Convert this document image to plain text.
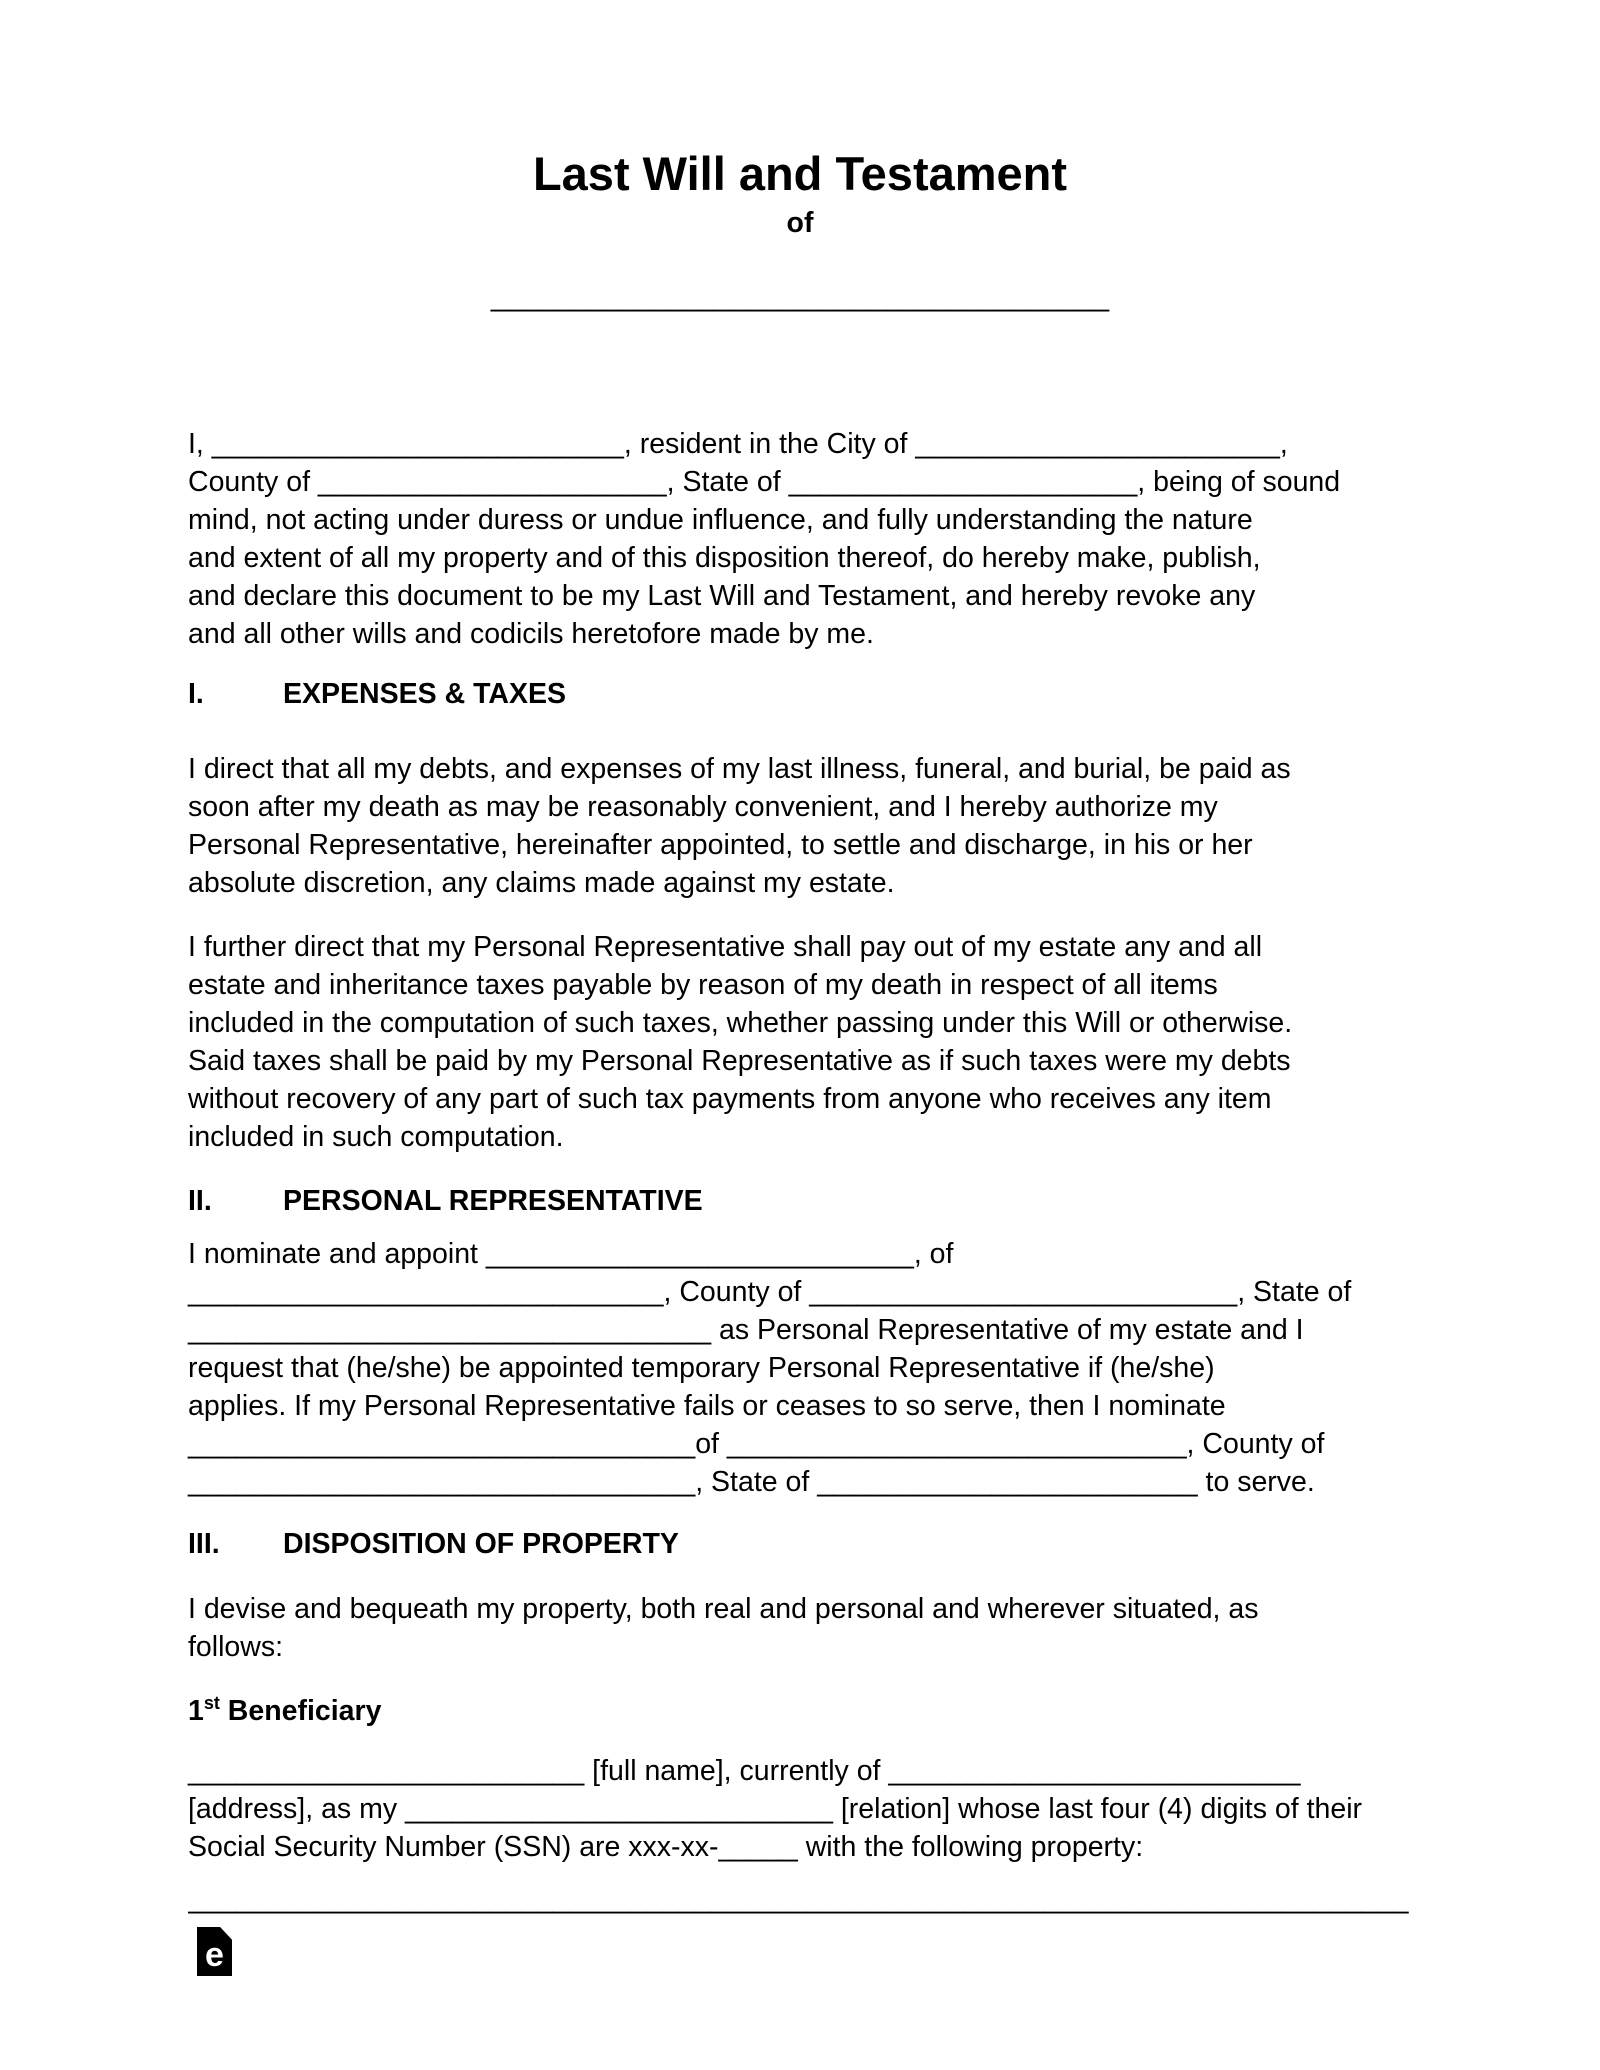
Last Will and Testament
of
_______________________________________
I, __________________________, resident in the City of _______________________,
County of ______________________, State of ______________________, being of sound
mind, not acting under duress or undue influence, and fully understanding the nature
and extent of all my property and of this disposition thereof, do hereby make, publish,
and declare this document to be my Last Will and Testament, and hereby revoke any
and all other wills and codicils heretofore made by me.
I.	EXPENSES & TAXES
I direct that all my debts, and expenses of my last illness, funeral, and burial, be paid as
soon after my death as may be reasonably convenient, and I hereby authorize my
Personal Representative, hereinafter appointed, to settle and discharge, in his or her
absolute discretion, any claims made against my estate.
I further direct that my Personal Representative shall pay out of my estate any and all
estate and inheritance taxes payable by reason of my death in respect of all items
included in the computation of such taxes, whether passing under this Will or otherwise.
Said taxes shall be paid by my Personal Representative as if such taxes were my debts
without recovery of any part of such tax payments from anyone who receives any item
included in such computation.
II. PERSONAL REPRESENTATIVE
I nominate and appoint ___________________________, of
______________________________, County of ___________________________, State of
_________________________________ as Personal Representative of my estate and I
request that (he/she) be appointed temporary Personal Representative if (he/she)
applies. If my Personal Representative fails or ceases to so serve, then I nominate
________________________________of _____________________________, County of
________________________________, State of ________________________ to serve.
III. DISPOSITION OF PROPERTY
I devise and bequeath my property, both real and personal and wherever situated, as
follows:
1st Beneficiary
_________________________ [full name], currently of __________________________
[address], as my ___________________________ [relation] whose last four (4) digits of their
Social Security Number (SSN) are xxx-xx-_____ with the following property:
_____________________________________________________________________________
e
